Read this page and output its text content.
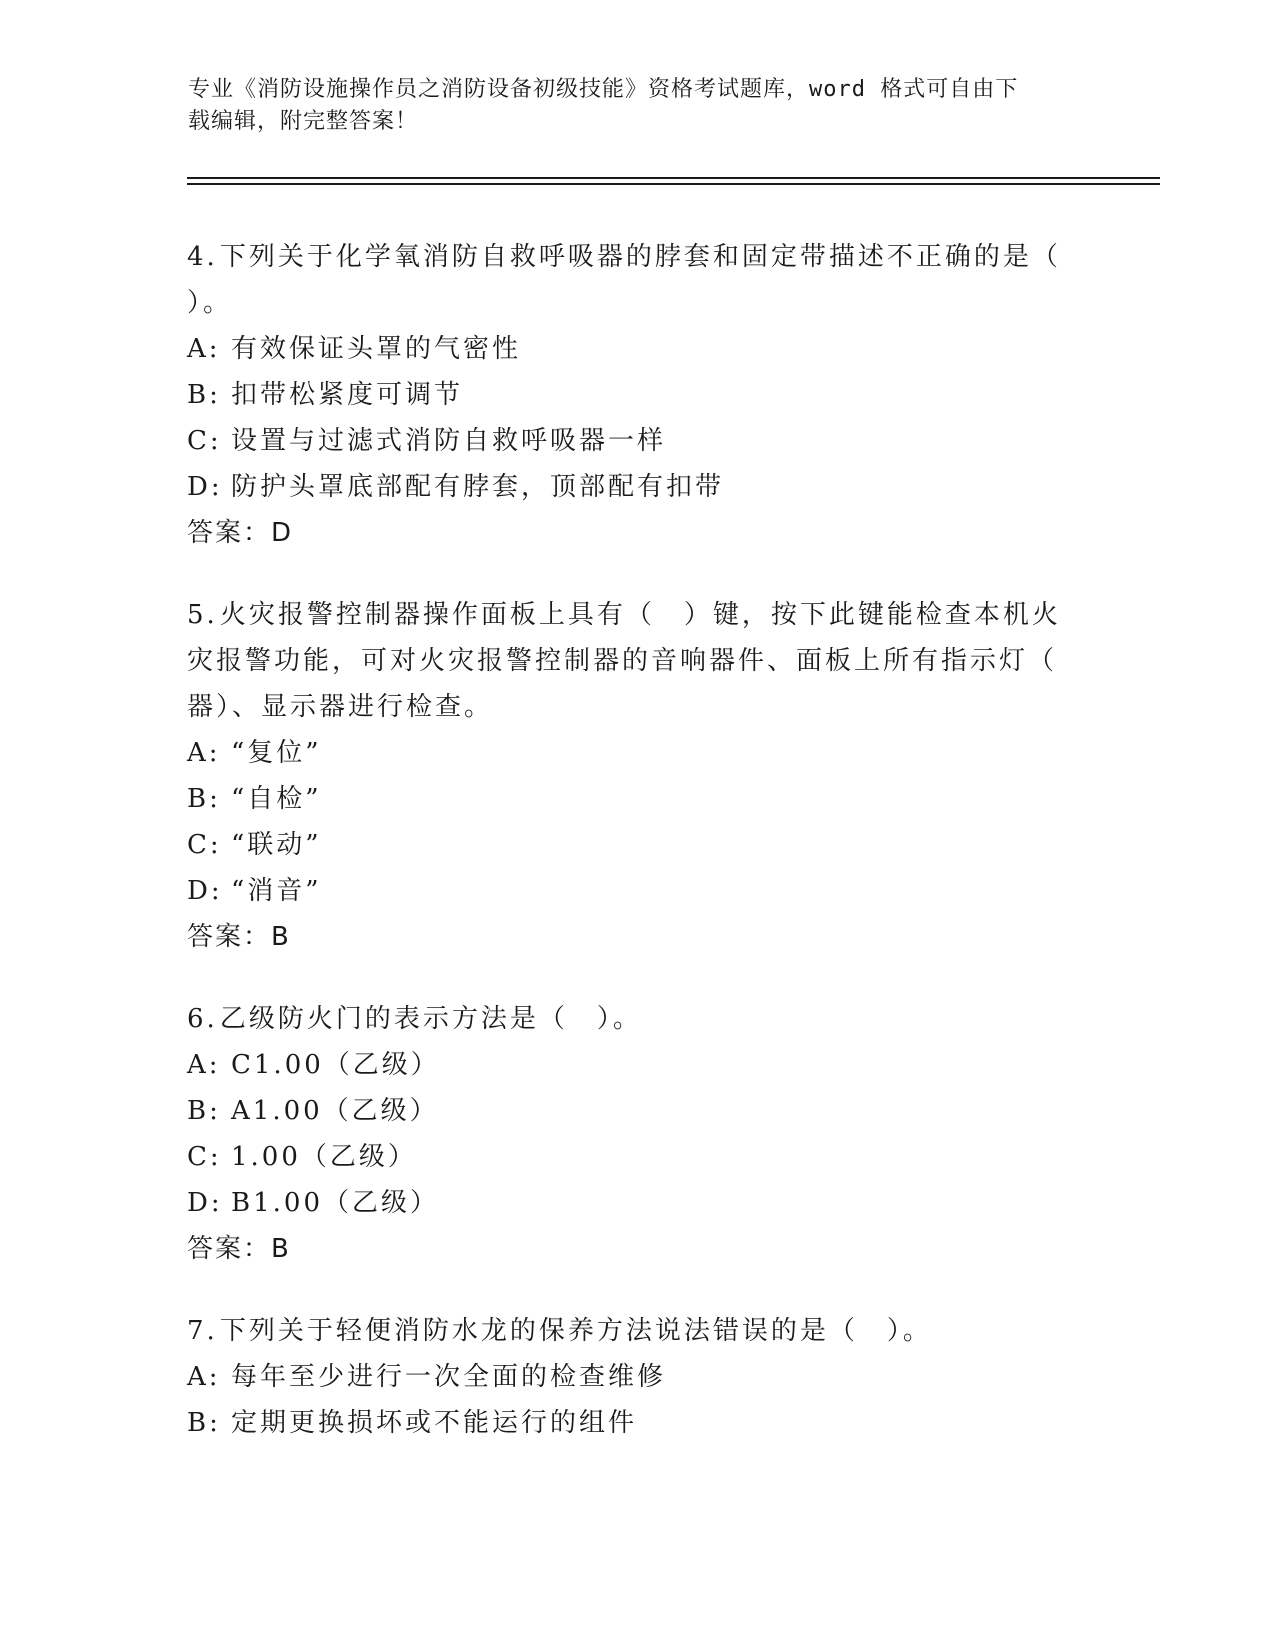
专业《消防设施操作员之消防设备初级技能》资格考试题库，word 格式可自由下
载编辑，附完整答案！
4.下列关于化学氧消防自救呼吸器的脖套和固定带描述不正确的是（
）。
A: 有效保证头罩的气密性
B: 扣带松紧度可调节
C: 设置与过滤式消防自救呼吸器一样
D: 防护头罩底部配有脖套，顶部配有扣带
答案：D
5.火灾报警控制器操作面板上具有（　）键，按下此键能检查本机火
灾报警功能，可对火灾报警控制器的音响器件、面板上所有指示灯（
器）、显示器进行检查。
A: “复位”
B: “自检”
C: “联动”
D: “消音”
答案：B
6.乙级防火门的表示方法是（　）。
A: C1.00（乙级）
B: A1.00（乙级）
C: 1.00（乙级）
D: B1.00（乙级）
答案：B
7.下列关于轻便消防水龙的保养方法说法错误的是（　）。
A: 每年至少进行一次全面的检查维修
B: 定期更换损坏或不能运行的组件
